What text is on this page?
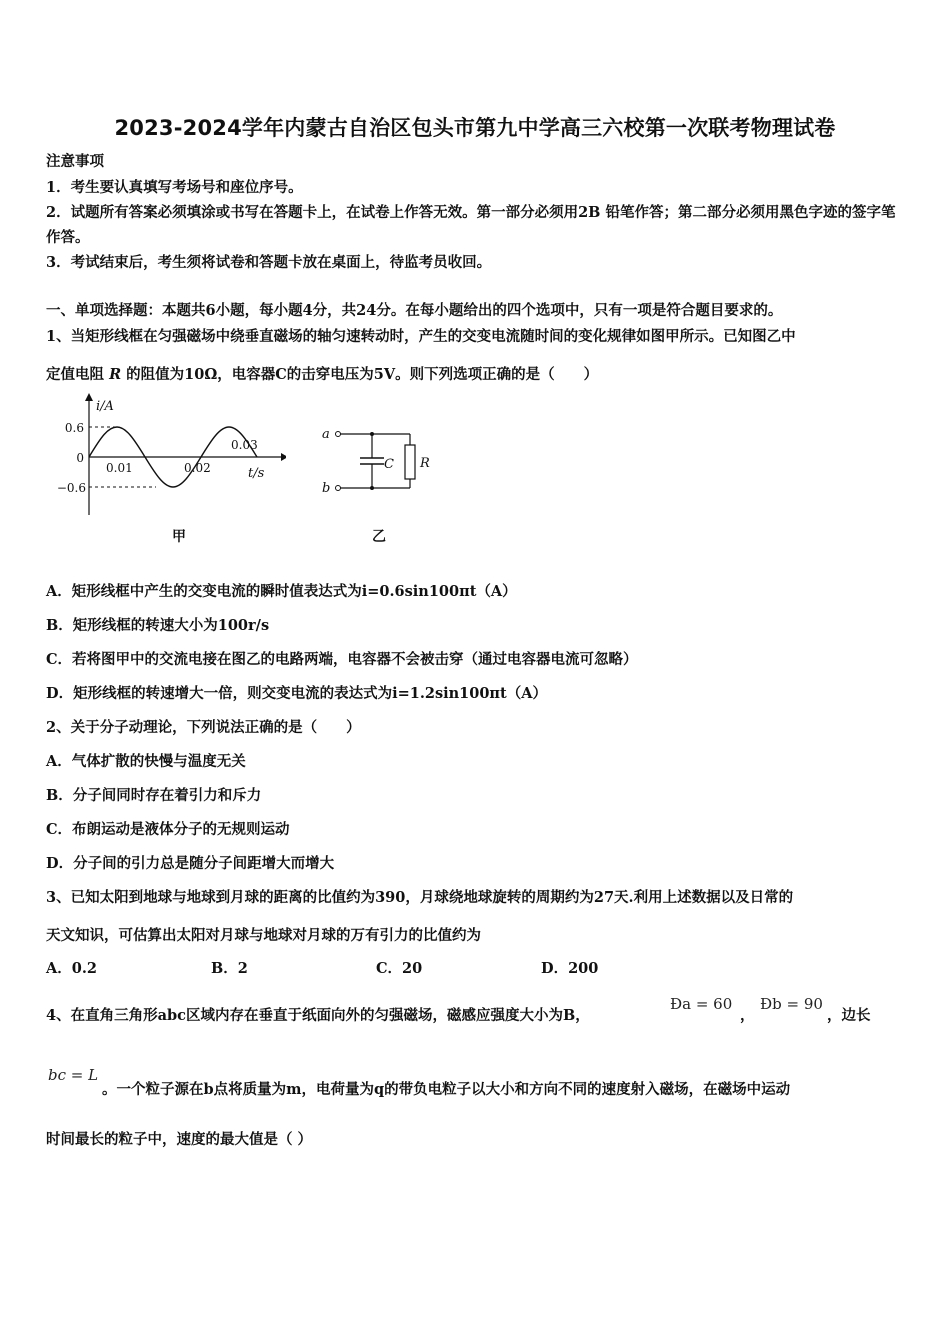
2023-2024学年内蒙古自治区包头市第九中学高三六校第一次联考物理试卷
注意事项
1．考生要认真填写考场号和座位序号。
2．试题所有答案必须填涂或书写在答题卡上，在试卷上作答无效。第一部分必须用2B 铅笔作答；第二部分必须用黑色字迹的签字笔作答。
3．考试结束后，考生须将试卷和答题卡放在桌面上，待监考员收回。
一、单项选择题：本题共6小题，每小题4分，共24分。在每小题给出的四个选项中，只有一项是符合题目要求的。
1、当矩形线框在匀强磁场中绕垂直磁场的轴匀速转动时，产生的交变电流随时间的变化规律如图甲所示。已知图乙中
定值电阻 R 的阻值为10Ω，电容器C的击穿电压为5V。则下列选项正确的是（　　）
i/A
0.6
0
−0.6
0.01	0.02
0.03
t/s
甲
a
b
C R
乙
A．矩形线框中产生的交变电流的瞬时值表达式为i=0.6sin100πt（A）
B．矩形线框的转速大小为100r/s
C．若将图甲中的交流电接在图乙的电路两端，电容器不会被击穿（通过电容器电流可忽略）
D．矩形线框的转速增大一倍，则交变电流的表达式为i=1.2sin100πt（A）
2、关于分子动理论，下列说法正确的是（　　）
A．气体扩散的快慢与温度无关
B．分子间同时存在着引力和斥力
C．布朗运动是液体分子的无规则运动
D．分子间的引力总是随分子间距增大而增大
3、已知太阳到地球与地球到月球的距离的比值约为390，月球绕地球旋转的周期约为27天.利用上述数据以及日常的
天文知识，可估算出太阳对月球与地球对月球的万有引力的比值约为
A．0.2	B．2	C．20	D．200
4、在直角三角形abc区域内存在垂直于纸面向外的匀强磁场，磁感应强度大小为B，
Ða = 60
，
Ðb = 90
，边长
bc = L
。一个粒子源在b点将质量为m，电荷量为q的带负电粒子以大小和方向不同的速度射入磁场，在磁场中运动
时间最长的粒子中，速度的最大值是（ ）
